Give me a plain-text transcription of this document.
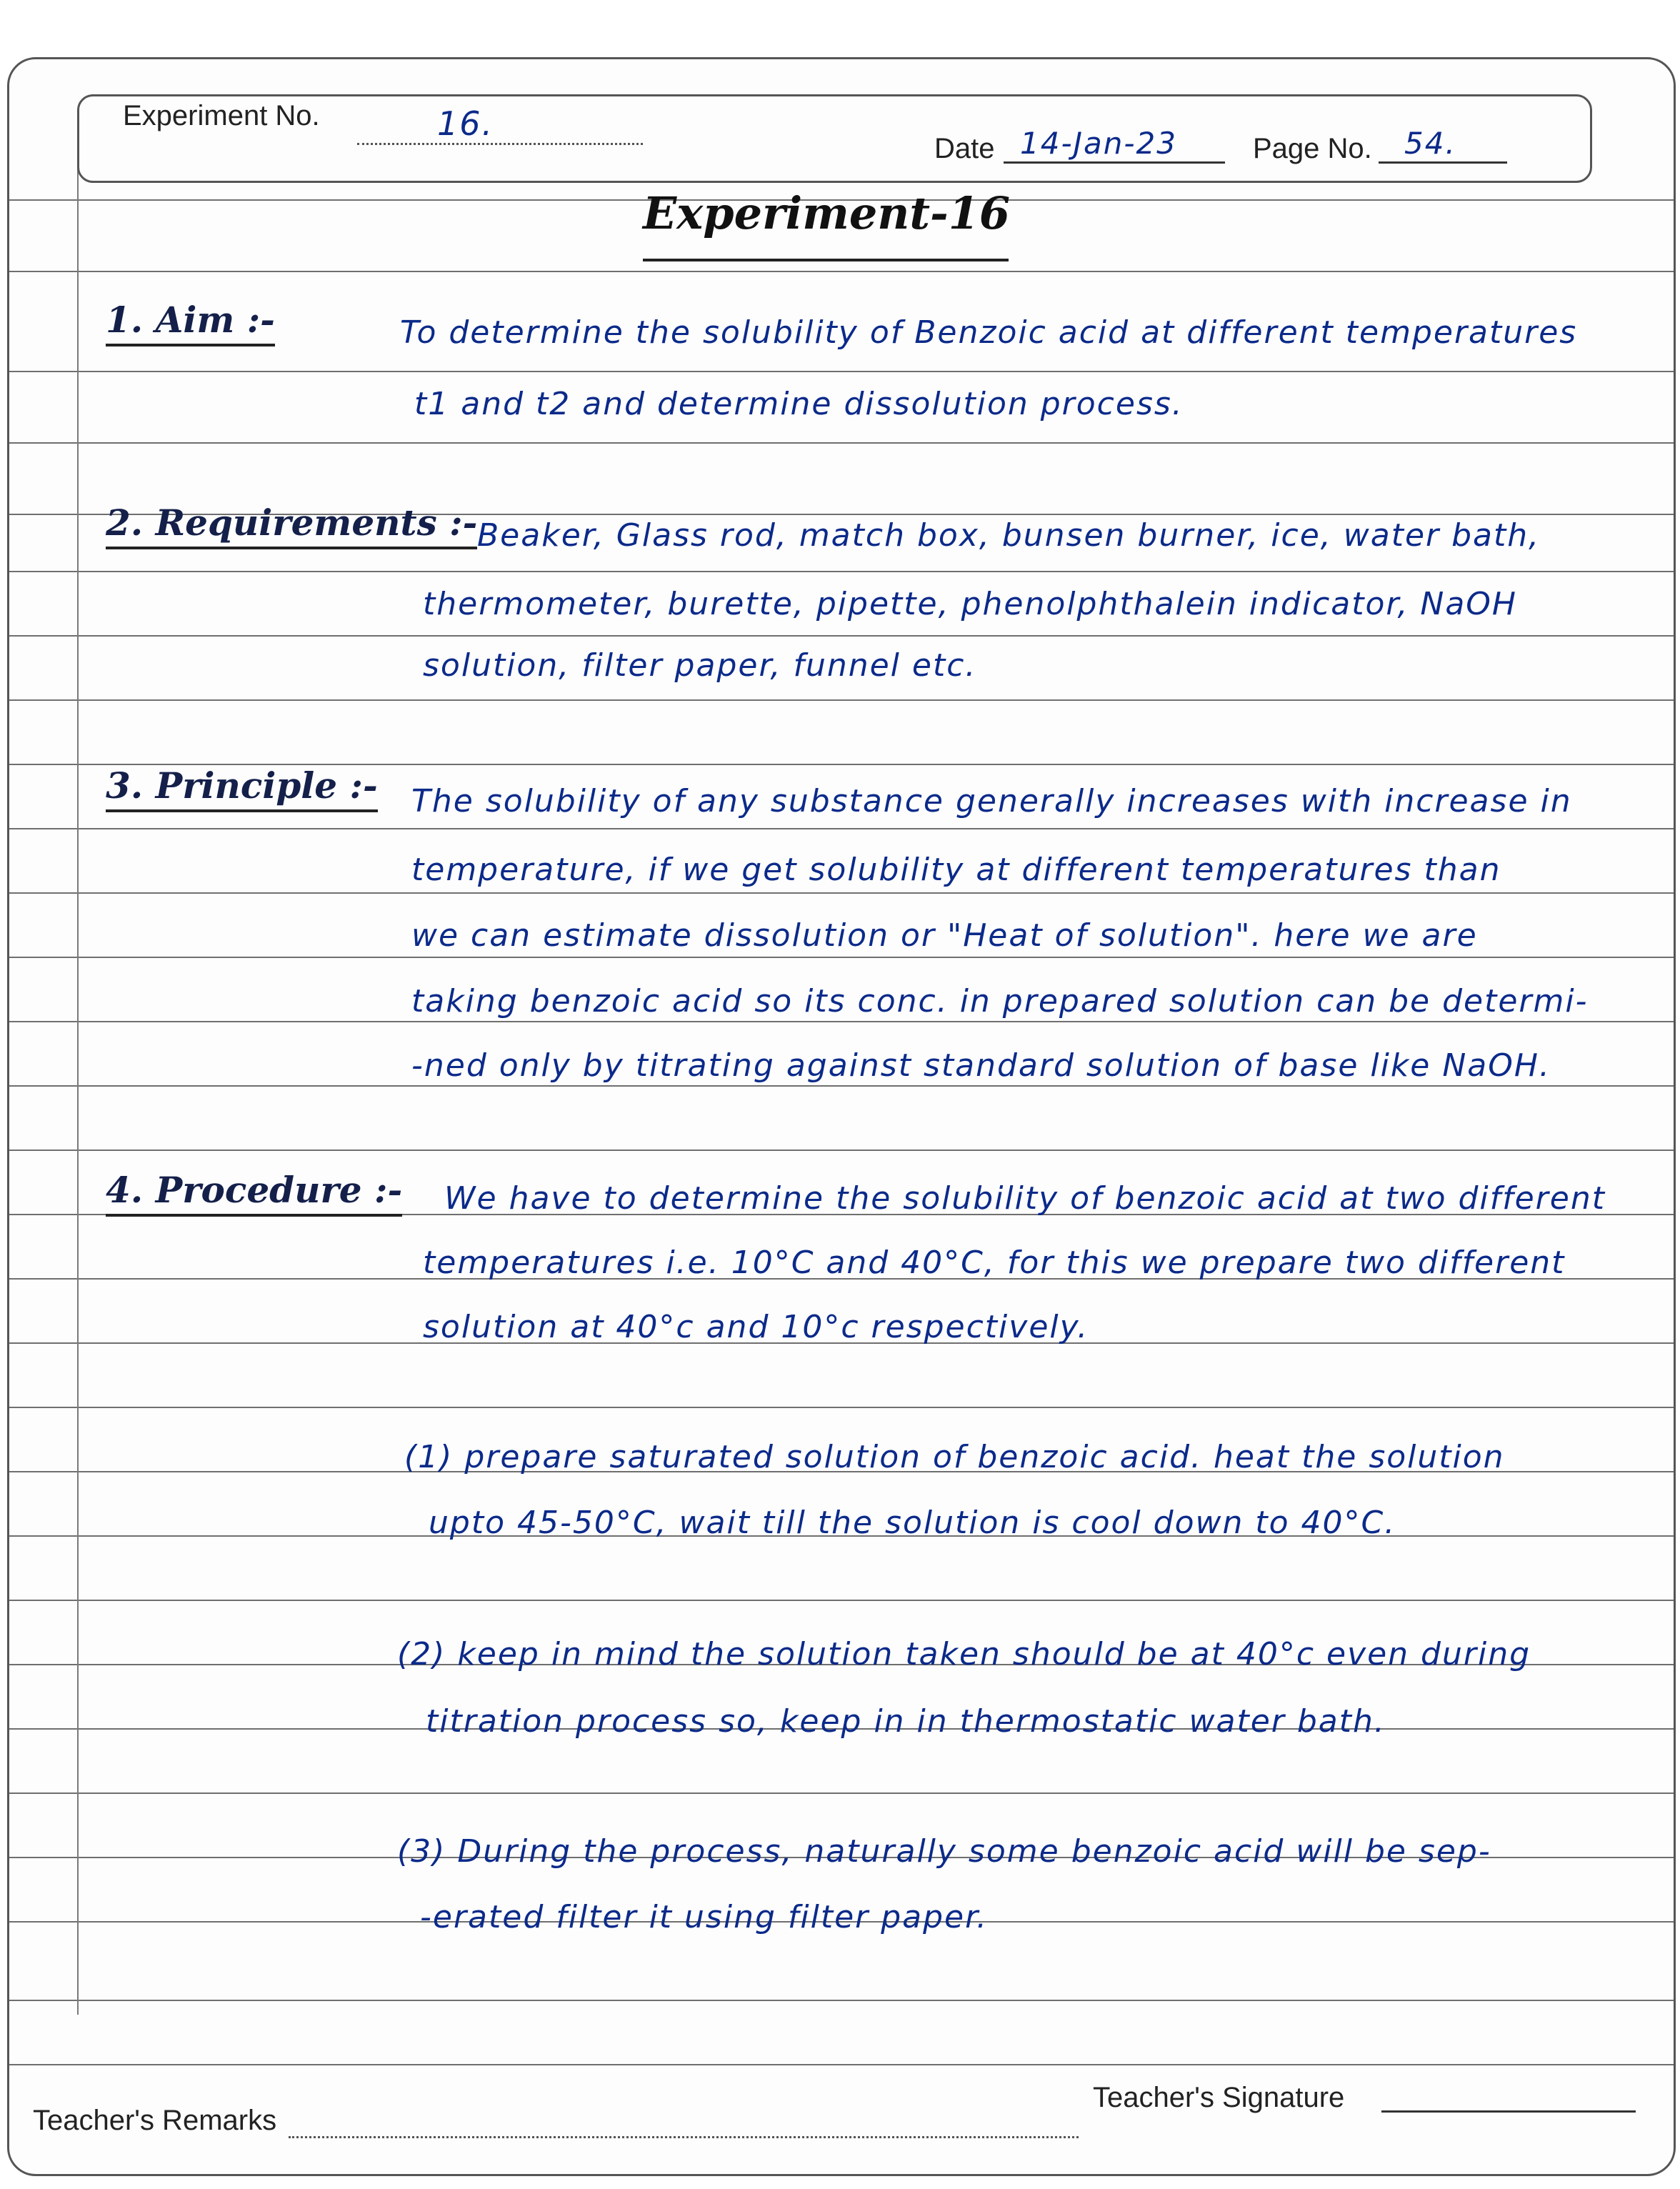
Experiment No.	16.
Date 14-Jan-23	Page No. 54.
Experiment-16
1. Aim :-	To determine the solubility of Benzoic acid at different temperatures
t1 and t2 and determine dissolution process.
2. Requirements :- Beaker, Glass rod, match box, bunsen burner, ice, water bath,
thermometer, burette, pipette, phenolphthalein indicator, NaOH
solution, filter paper, funnel etc.
3. Principle :- The solubility of any substance generally increases with increase in
temperature, if we get solubility at different temperatures than
we can estimate dissolution or "Heat of solution". here we are
taking benzoic acid so its conc. in prepared solution can be determi-
-ned only by titrating against standard solution of base like NaOH.
4. Procedure :- We have to determine the solubility of benzoic acid at two different
temperatures i.e. 10°C and 40°C, for this we prepare two different
solution at 40°c and 10°c respectively.
(1) prepare saturated solution of benzoic acid. heat the solution
upto 45-50°C, wait till the solution is cool down to 40°C.
(2) keep in mind the solution taken should be at 40°c even during
titration process so, keep in in thermostatic water bath.
(3) During the process, naturally some benzoic acid will be sep-
-erated filter it using filter paper.
Teacher's Remarks
Teacher's Signature
